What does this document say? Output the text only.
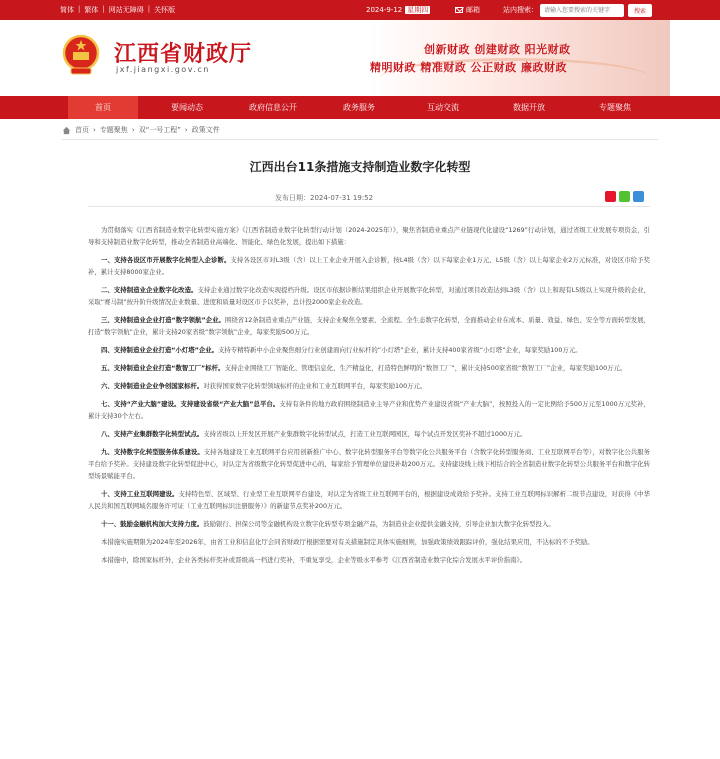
简体 | 繁体 | 网站无障碍 | 关怀版	2024-9-12 星期四	邮箱	站内搜索：
请输入您要搜索的关键字	搜索
江西省财政厅
jxf.jiangxi.gov.cn
创新财政 创建财政 阳光财政
精明财政 精准财政 公正财政 廉政财政
首页	要闻动态	政府信息公开	政务服务	互动交流	数据开放	专题聚焦
首页 › 专题聚焦 › 双“一号工程” › 政策文件
江西出台11条措施支持制造业数字化转型
发布日期：2024-07-31 19:52

为贯彻落实《江西省制造业数字化转型实施方案》《江西省制造业数字化转型行动计划（2024-2025年）》，聚焦省制造业重点产业链现代化建设“1269”行动计划，通过省级工业发展专项资金，引导和支持制造业数字化转型，推动全省制造业高端化、智能化、绿色化发展，提出如下措施：

一、支持各设区市开展数字化转型入企诊断。支持各设区市对L3级（含）以上工业企业开展入企诊断，按L4级（含）以下每家企业1万元、L5级（含）以上每家企业2万元标准，对设区市给予奖补，累计支持8000家企业。

二、支持制造业企业数字化改造。支持企业通过数字化改造实现提档升级。设区市依据诊断结果组织企业开展数字化转型，对通过项目改造达到L3级（含）以上和现有L5级以上实现升级的企业，采取“赛马制”按升阶升级情况企业数量、进度和质量对设区市予以奖补，总计投2000家企业改造。

三、支持制造业企业打造“数字领航”企业。围绕省12条制造业重点产业链，支持企业聚焦全要素、全流程、全生态数字化转型，全面推动企业在成本、质量、效益、绿色、安全等方面转型发展，打造“数字领航”企业，累计支持20家省级“数字领航”企业，每家奖励500万元。

四、支持制造业企业打造“小灯塔”企业。支持专精特新中小企业聚焦细分行业创建面向行业标杆的“小灯塔”企业，累计支持400家省级“小灯塔”企业，每家奖励100万元。

五、支持制造业企业打造“数智工厂”标杆。支持企业围绕工厂智能化、管理信息化、生产精益化，打造特色鲜明的“数智工厂”，累计支持500家省级“数智工厂”企业，每家奖励100万元。

六、支持制造业企业争创国家标杆。对获得国家数字化转型领域标杆的企业和工业互联网平台，每家奖励100万元。

七、支持“产业大脑”建设。支持建设省级“产业大脑”总平台。支持有条件的地方政府围绕制造业主导产业和优势产业建设省级“产业大脑”，按照投入的一定比例给予500万元至1000万元奖补，累计支持30个左右。

八、支持产业集群数字化转型试点。支持省级以上开发区开展产业集群数字化转型试点，打造工业互联网园区，每个试点开发区奖补不超过1000万元。

九、支持数字化转型服务体系建设。支持各地建设工业互联网平台应用创新推广中心、数字化转型服务平台等数字化公共服务平台（含数字化转型服务商、工业互联网平台等），对数字化公共服务平台给予奖补。支持建设数字化转型促进中心，对认定为省级数字化转型促进中心的，每家给予管理单位建设补助200万元。支持建设线上线下相结合的全省制造业数字化转型公共服务平台和数字化转型场景赋能平台。

十、支持工业互联网建设。支持特色型、区域型、行业型工业互联网平台建设，对认定为省级工业互联网平台的，根据建设成效给予奖补。支持工业互联网标识解析二级节点建设，对获得《中华人民共和国互联网域名服务许可证（工业互联网标识注册服务）》的新建节点奖补200万元。

十一、鼓励金融机构加大支持力度。鼓励银行、担保公司等金融机构设立数字化转型专项金融产品，为制造业企业提供金融支持，引导企业加大数字化转型投入。

本措施实施期限为2024年至2026年，由省工业和信息化厅会同省财政厅根据需要对有关措施制定具体实施细则，加强政策绩效跟踪评价，强化结果应用，不达标的不予奖励。

本措施中，除国家标杆外，企业各类标杆奖补或晋级高一档进行奖补，不重复享受，企业等级水平参考《江西省制造业数字化综合发展水平评价指南》。
